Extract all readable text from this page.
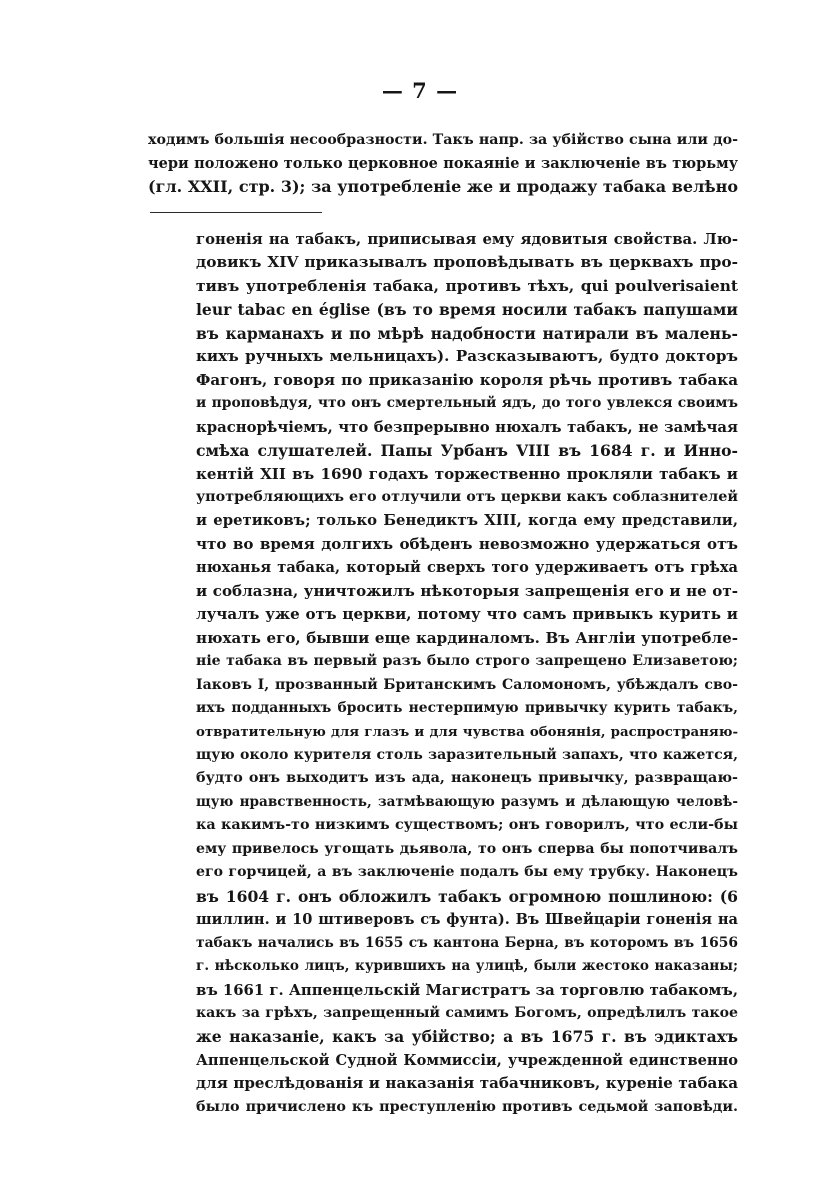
— 7 —
ходимъ большія несообразности. Такъ напр. за убійство сына или до-
чери положено только церковное покаяніе и заключеніе въ тюрьму
(гл. XXII, стр. 3); за употребленіе же и продажу табака велѣно
гоненія на табакъ, приписывая ему ядовитыя свойства. Лю-
довикъ XIV приказывалъ проповѣдывать въ церквахъ про-
тивъ употребленія табака, противъ тѣхъ, qui poulverisaient
leur tabac en église (въ то время носили табакъ папушами
въ карманахъ и по мѣрѣ надобности натирали въ малень-
кихъ ручныхъ мельницахъ). Разсказываютъ, будто докторъ
Фагонъ, говоря по приказанію короля рѣчь противъ табака
и проповѣдуя, что онъ смертельный ядъ, до того увлекся своимъ
краснорѣчіемъ, что безпрерывно нюхалъ табакъ, не замѣчая
смѣха слушателей. Папы Урбанъ VIII въ 1684 г. и Инно-
кентій XII въ 1690 годахъ торжественно прокляли табакъ и
употребляющихъ его отлучили отъ церкви какъ соблазнителей
и еретиковъ; только Бенедиктъ XIII, когда ему представили,
что во время долгихъ обѣденъ невозможно удержаться отъ
нюханья табака, который сверхъ того удерживаетъ отъ грѣха
и соблазна, уничтожилъ нѣкоторыя запрещенія его и не от-
лучалъ уже отъ церкви, потому что самъ привыкъ курить и
нюхать его, бывши еще кардиналомъ. Въ Англіи употребле-
ніе табака въ первый разъ было строго запрещено Елизаветою;
Іаковъ I, прозванный Британскимъ Саломономъ, убѣждалъ сво-
ихъ подданныхъ бросить нестерпимую привычку курить табакъ,
отвратительную для глазъ и для чувства обонянія, распространяю-
щую около курителя столь заразительный запахъ, что кажется,
будто онъ выходитъ изъ ада, наконецъ привычку, развращаю-
щую нравственность, затмѣвающую разумъ и дѣлающую человѣ-
ка какимъ-то низкимъ существомъ; онъ говорилъ, что если-бы
ему привелось угощать дьявола, то онъ сперва бы попотчивалъ
его горчицей, а въ заключеніе подалъ бы ему трубку. Наконецъ
въ 1604 г. онъ обложилъ табакъ огромною пошлиною: (6
шиллин. и 10 штиверовъ съ фунта). Въ Швейцаріи гоненія на
табакъ начались въ 1655 съ кантона Берна, въ которомъ въ 1656
г. нѣсколько лицъ, курившихъ на улицѣ, были жестоко наказаны;
въ 1661 г. Аппенцельскій Магистратъ за торговлю табакомъ,
какъ за грѣхъ, запрещенный самимъ Богомъ, опредѣлилъ такое
же наказаніе, какъ за убійство; а въ 1675 г. въ эдиктахъ
Аппенцельской Судной Коммиссіи, учрежденной единственно
для преслѣдованія и наказанія табачниковъ, куреніе табака
было причислено къ преступленію противъ седьмой заповѣди.
